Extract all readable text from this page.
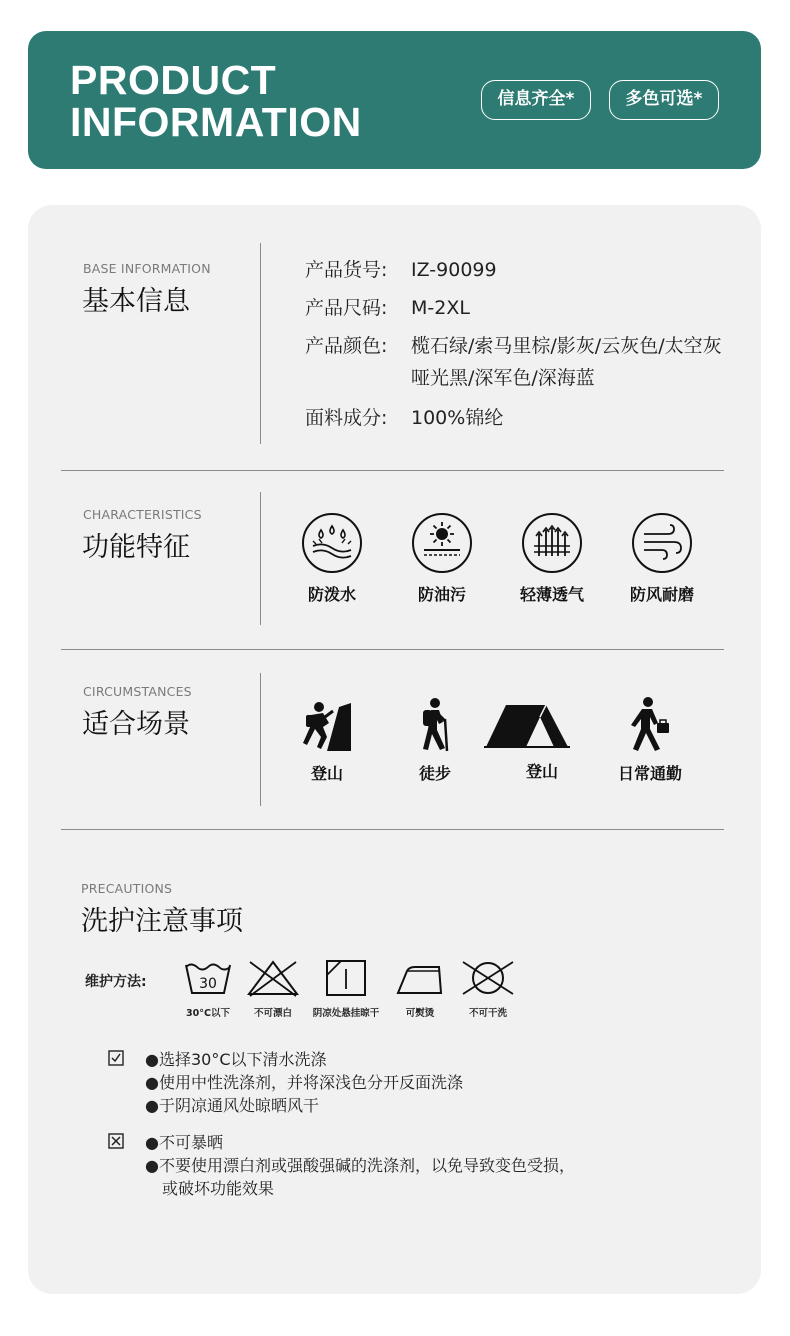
PRODUCT
INFORMATION	信息齐全*	多色可选*
BASE INFORMATION
基本信息
产品货号: IZ-90099
产品尺码: M-2XL
产品颜色: 榄石绿/索马里棕/影灰/云灰色/太空灰
哑光黑/深军色/深海蓝
面料成分: 100%锦纶
CHARACTERISTICS
功能特征
防泼水	防油污	轻薄透气	防风耐磨
CIRCUMSTANCES
适合场景
登山	徒步	登山	日常通勤
PRECAUTIONS
洗护注意事项
维护方法:	30
30°C以下	不可漂白	阴凉处悬挂晾干	可熨烫	不可干洗
●选择30°C以下清水洗涤
●使用中性洗涤剂，并将深浅色分开反面洗涤
●于阴凉通风处晾晒风干
●不可暴晒
●不要使用漂白剂或强酸强碱的洗涤剂，以免导致变色受损，
或破坏功能效果
